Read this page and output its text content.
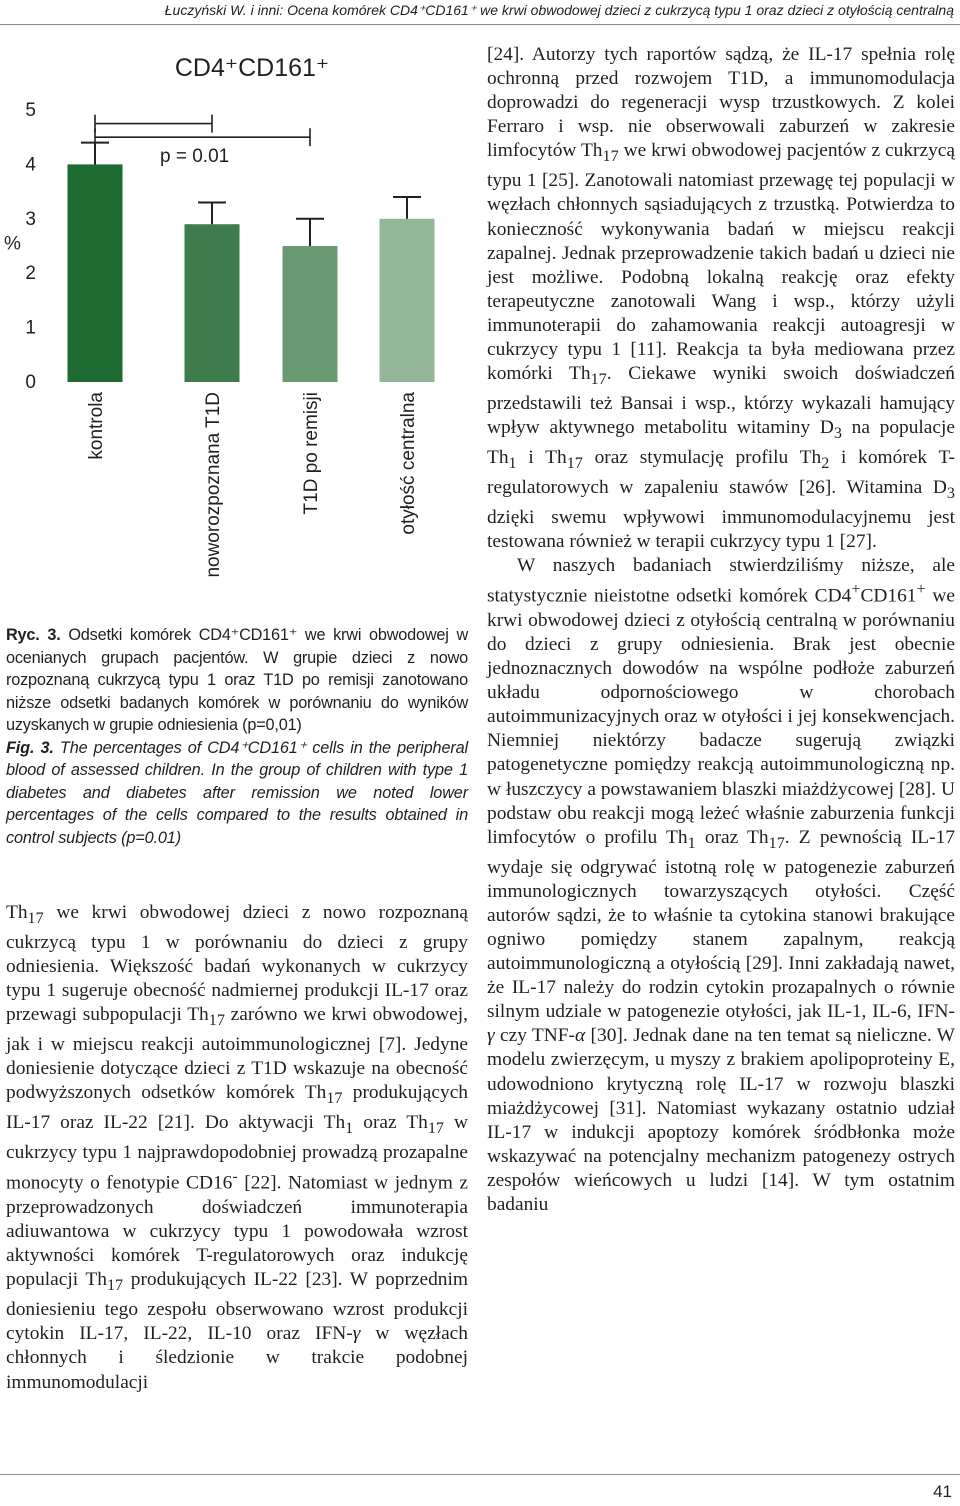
Łuczyński W. i inni: Ocena komórek CD4⁺CD161⁺ we krwi obwodowej dzieci z cukrzycą typu 1 oraz dzieci z otyłością centralną
0
1
2
3
4
5
%
CD4⁺CD161⁺
kontrola	noworozpoznana T1D	T1D po remisji	otyłość centralna
p = 0.01

Ryc. 3. Odsetki komórek CD4⁺CD161⁺ we krwi obwodowej w ocenianych grupach pacjentów. W grupie dzieci z nowo rozpoznaną cukrzycą typu 1 oraz T1D po remisji zanotowano niższe odsetki badanych komórek w porównaniu do wyników uzyskanych w grupie odniesienia (p=0,01)

Fig. 3. The percentages of CD4⁺CD161⁺ cells in the peripheral blood of assessed children. In the group of children with type 1 diabetes and diabetes after remission we noted lower percentages of the cells compared to the results obtained in control subjects (p=0.01)

$Th_{17}$ we krwi obwodowej dzieci z nowo rozpoznaną cukrzycą typu 1 w porównaniu do dzieci z grupy odniesienia. Większość badań wykonanych w cukrzycy typu 1 sugeruje obecność nadmiernej produkcji IL-17 oraz przewagi subpopulacji $Th_{17}$ zarówno we krwi obwodowej, jak i w miejscu reakcji autoimmunologicznej [7]. Jedyne doniesienie dotyczące dzieci z T1D wskazuje na obecność podwyższonych odsetków komórek $Th_{17}$ produkujących IL-17 oraz IL-22 [21]. Do aktywacji $Th_1$ oraz $Th_{17}$ w cukrzycy typu 1 najprawdopodobniej prowadzą prozapalne monocyty o fenotypie CD16- [22]. Natomiast w jednym z przeprowadzonych doświadczeń immunoterapia adiuwantowa w cukrzycy typu 1 powodowała wzrost aktywności komórek T-regulatorowych oraz indukcję populacji $Th_{17}$ produkujących IL-22 [23]. W poprzednim doniesieniu tego zespołu obserwowano wzrost produkcji cytokin IL-17, IL-22, IL-10 oraz IFN-γ w węzłach chłonnych i śledzionie w trakcie podobnej immunomodulacji

[24]. Autorzy tych raportów sądzą, że IL-17 spełnia rolę ochronną przed rozwojem T1D, a immunomodulacja doprowadzi do regeneracji wysp trzustkowych. Z kolei Ferraro i wsp. nie obserwowali zaburzeń w zakresie limfocytów $Th_{17}$ we krwi obwodowej pacjentów z cukrzycą typu 1 [25]. Zanotowali natomiast przewagę tej populacji w węzłach chłonnych sąsiadujących z trzustką. Potwierdza to konieczność wykonywania badań w miejscu reakcji zapalnej. Jednak przeprowadzenie takich badań u dzieci nie jest możliwe. Podobną lokalną reakcję oraz efekty terapeutyczne zanotowali Wang i wsp., którzy użyli immunoterapii do zahamowania reakcji autoagresji w cukrzycy typu 1 [11]. Reakcja ta była mediowana przez komórki $Th_{17}$. Ciekawe wyniki swoich doświadczeń przedstawili też Bansai i wsp., którzy wykazali hamujący wpływ aktywnego metabolitu witaminy $D_3$ na populacje $Th_1$ i $Th_{17}$ oraz stymulację profilu $Th_2$ i komórek T-regulatorowych w zapaleniu stawów [26]. Witamina $D_3$ dzięki swemu wpływowi immunomodulacyjnemu jest testowana również w terapii cukrzycy typu 1 [27].

W naszych badaniach stwierdziliśmy niższe, ale statystycznie nieistotne odsetki komórek CD4+CD161+ we krwi obwodowej dzieci z otyłością centralną w porównaniu do dzieci z grupy odniesienia. Brak jest obecnie jednoznacznych dowodów na wspólne podłoże zaburzeń układu odpornościowego w chorobach autoimmunizacyjnych oraz w otyłości i jej konsekwencjach. Niemniej niektórzy badacze sugerują związki patogenetyczne pomiędzy reakcją autoimmunologiczną np. w łuszczycy a powstawaniem blaszki miażdżycowej [28]. U podstaw obu reakcji mogą leżeć właśnie zaburzenia funkcji limfocytów o profilu $Th_1$ oraz $Th_{17}$. Z pewnością IL-17 wydaje się odgrywać istotną rolę w patogenezie zaburzeń immunologicznych towarzyszących otyłości. Część autorów sądzi, że to właśnie ta cytokina stanowi brakujące ogniwo pomiędzy stanem zapalnym, reakcją autoimmunologiczną a otyłością [29]. Inni zakładają nawet, że IL-17 należy do rodzin cytokin prozapalnych o równie silnym udziale w patogenezie otyłości, jak IL-1, IL-6, IFN-γ czy TNF-α [30]. Jednak dane na ten temat są nieliczne. W modelu zwierzęcym, u myszy z brakiem apolipoproteiny E, udowodniono krytyczną rolę IL-17 w rozwoju blaszki miażdżycowej [31]. Natomiast wykazany ostatnio udział IL-17 w indukcji apoptozy komórek śródbłonka może wskazywać na potencjalny mechanizm patogenezy ostrych zespołów wieńcowych u ludzi [14]. W tym ostatnim badaniu

41
